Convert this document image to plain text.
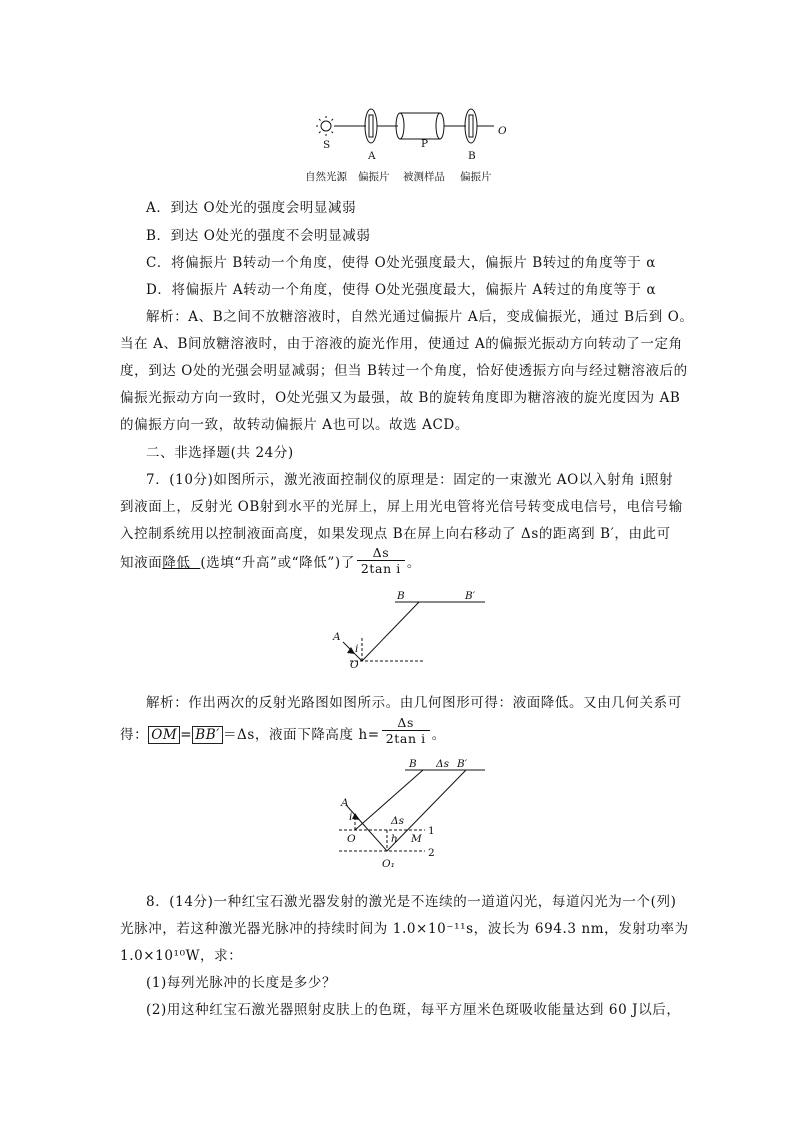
S
A
P
B
O
自然光源 偏振片 被测样品 偏振片
A．到达 O处光的强度会明显减弱
B．到达 O处光的强度不会明显减弱
C．将偏振片 B转动一个角度，使得 O处光强度最大，偏振片 B转过的角度等于 α
D．将偏振片 A转动一个角度，使得 O处光强度最大，偏振片 A转过的角度等于 α
解析：A、B之间不放糖溶液时，自然光通过偏振片 A后，变成偏振光，通过 B后到 O。
当在 A、B间放糖溶液时，由于溶液的旋光作用，使通过 A的偏振光振动方向转动了一定角
度，到达 O处的光强会明显减弱；但当 B转过一个角度，恰好使透振方向与经过糖溶液后的
偏振光振动方向一致时，O处光强又为最强，故 B的旋转角度即为糖溶液的旋光度因为 AB
的偏振方向一致，故转动偏振片 A也可以。故选 ACD。
二、非选择题(共 24分)
7．(10分)如图所示，激光液面控制仪的原理是：固定的一束激光 AO以入射角 i照射
到液面上，反射光 OB射到水平的光屏上，屏上用光电管将光信号转变成电信号，电信号输
入控制系统用以控制液面高度，如果发现点 B在屏上向右移动了 Δs的距离到 B′，由此可
知液面降低 (选填“升高”或“降低”)了 $\frac{\Delta s}{\text{2tan i}}$ 。
B	B′
A
i
O
解析：作出两次的反射光路图如图所示。由几何图形可得：液面降低。又由几何关系可
得： OM = BB′ ＝Δs，液面下降高度 $h= \frac{\Delta s}{\text{2tan i}}$ 。
B Δs B′
A
i	Δs
h
O	M
1
2
O₁
8．(14分)一种红宝石激光器发射的激光是不连续的一道道闪光，每道闪光为一个(列)
光脉冲，若这种激光器光脉冲的持续时间为 1.0×10⁻¹¹s，波长为 694.3 nm，发射功率为
1.0×10¹⁰W，求：
(1)每列光脉冲的长度是多少？
(2)用这种红宝石激光器照射皮肤上的色斑，每平方厘米色斑吸收能量达到 60 J以后，
